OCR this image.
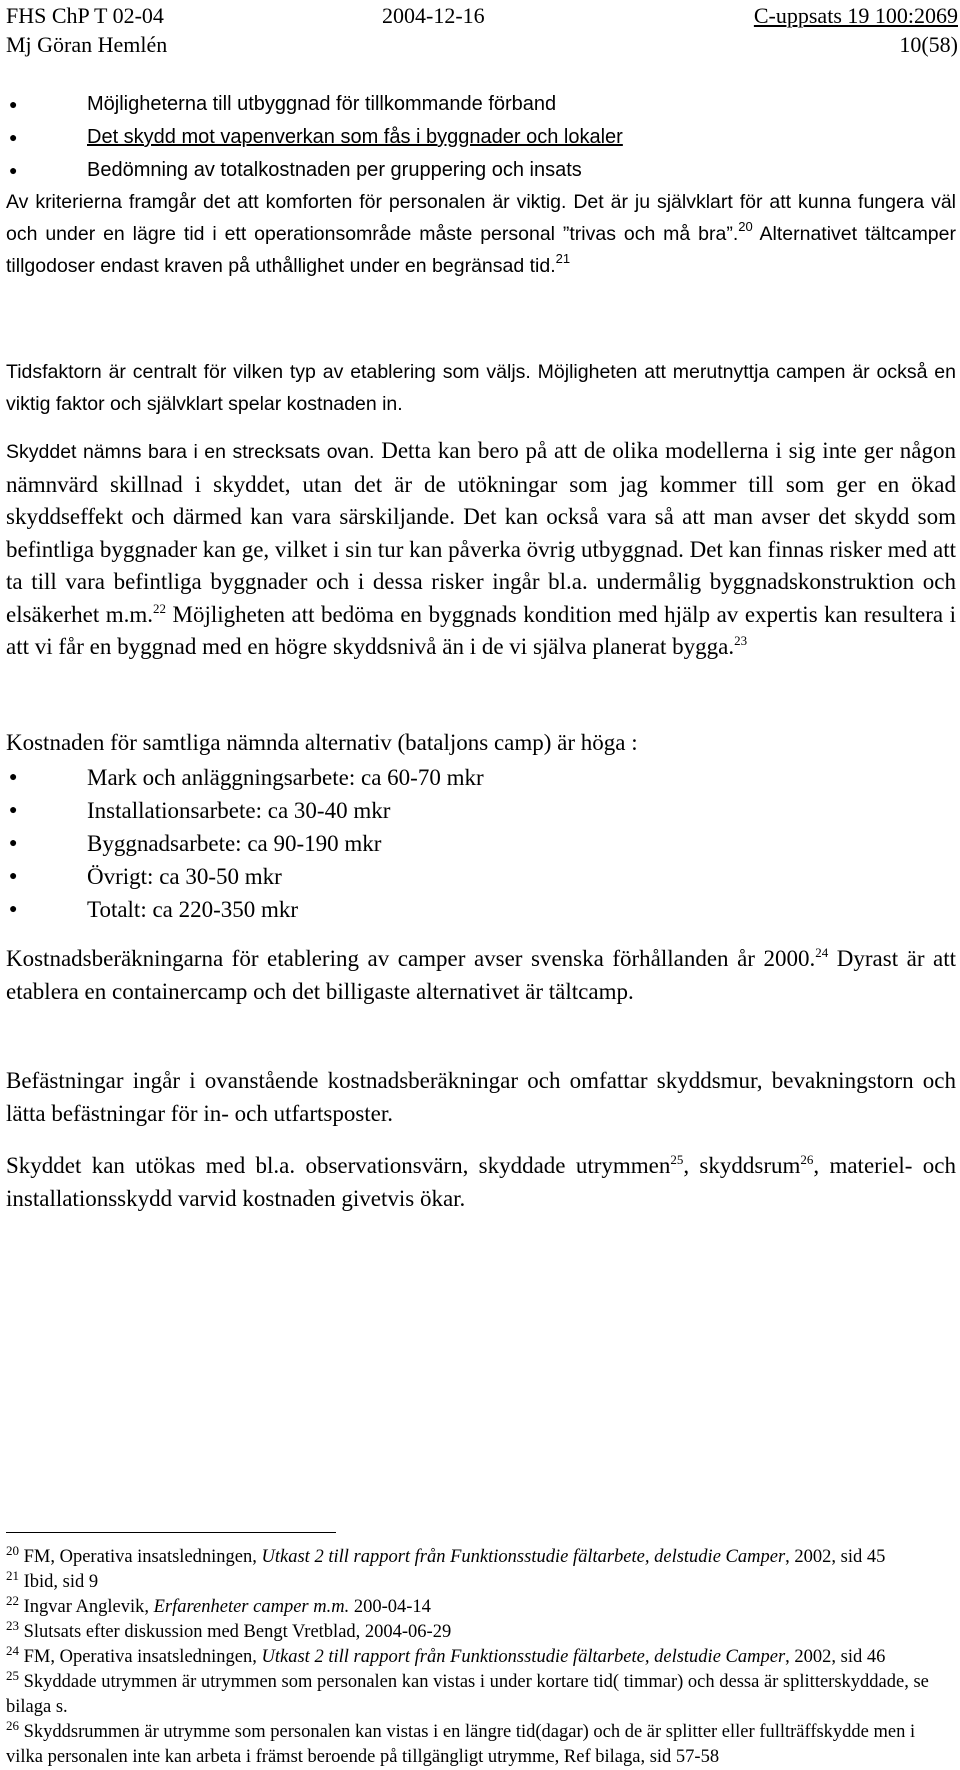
FHS ChP T 02-04	2004-12-16	C-uppsats 19 100:2069
Mj Göran Hemlén	10(58)
● Möjligheterna till utbyggnad för tillkommande förband
● Det skydd mot vapenverkan som fås i byggnader och lokaler
● Bedömning av totalkostnaden per gruppering och insats

Av kriterierna framgår det att komforten för personalen är viktig. Det är ju självklart för att kunna fungera väl och under en lägre tid i ett operationsområde måste personal ”trivas och må bra”.$^{20}$ Alternativet tältcamper tillgodoser endast kraven på uthållighet under en begränsad tid.$^{21}$

Tidsfaktorn är centralt för vilken typ av etablering som väljs. Möjligheten att merutnyttja campen är också en viktig faktor och självklart spelar kostnaden in.

Skyddet nämns bara i en strecksats ovan. Detta kan bero på att de olika modellerna i sig inte ger någon nämnvärd skillnad i skyddet, utan det är de utökningar som jag kommer till som ger en ökad skyddseffekt och därmed kan vara särskiljande. Det kan också vara så att man avser det skydd som befintliga byggnader kan ge, vilket i sin tur kan påverka övrig utbyggnad. Det kan finnas risker med att ta till vara befintliga byggnader och i dessa risker ingår bl.a. undermålig byggnadskonstruktion och elsäkerhet m.m.$^{22}$ Möjligheten att bedöma en byggnads kondition med hjälp av expertis kan resultera i att vi får en byggnad med en högre skyddsnivå än i de vi själva planerat bygga.$^{23}$

Kostnaden för samtliga nämnda alternativ (bataljons camp) är höga :

● Mark och anläggningsarbete: ca 60-70 mkr
● Installationsarbete: ca 30-40 mkr
● Byggnadsarbete: ca 90-190 mkr
● Övrigt: ca 30-50 mkr
● Totalt: ca 220-350 mkr

Kostnadsberäkningarna för etablering av camper avser svenska förhållanden år 2000.24 Dyrast är att etablera en containercamp och det billigaste alternativet är tältcamp.

Befästningar ingår i ovanstående kostnadsberäkningar och omfattar skyddsmur, bevakningstorn och lätta befästningar för in- och utfartsposter.

Skyddet kan utökas med bl.a. observationsvärn, skyddade utrymmen$^{25}$, skyddsrum$^{26}$, materiel- och installationsskydd varvid kostnaden givetvis ökar.

$^{20}$ FM, Operativa insatsledningen, Utkast 2 till rapport från Funktionsstudie fältarbete, delstudie Camper, 2002, sid 45
$^{21}$ Ibid, sid 9
$^{22}$ Ingvar Anglevik, Erfarenheter camper m.m. 200-04-14
$^{23}$ Slutsats efter diskussion med Bengt Vretblad, 2004-06-29
$^{24}$ FM, Operativa insatsledningen, Utkast 2 till rapport från Funktionsstudie fältarbete, delstudie Camper, 2002, sid 46
$^{25}$ Skyddade utrymmen är utrymmen som personalen kan vistas i under kortare tid( timmar) och dessa är splitterskyddade, se bilaga s.
$^{26}$ Skyddsrummen är utrymme som personalen kan vistas i en längre tid(dagar) och de är splitter eller fullträffskydde men i vilka personalen inte kan arbeta i främst beroende på tillgängligt utrymme, Ref bilaga, sid 57-58
